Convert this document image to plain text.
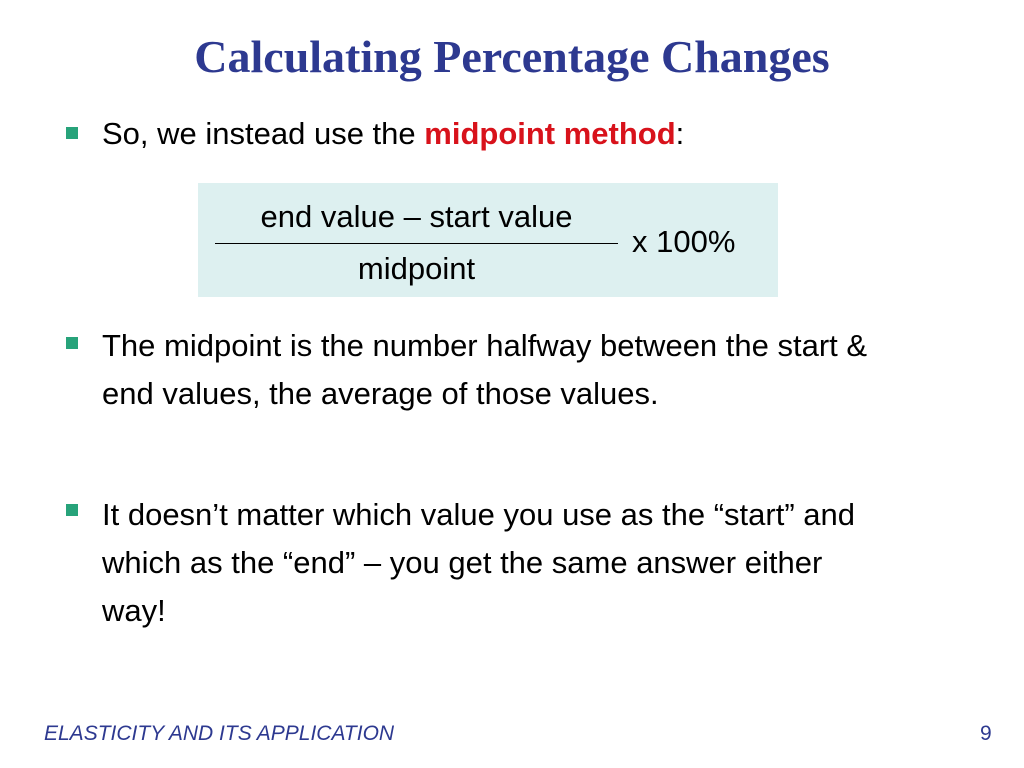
Calculating Percentage Changes

So, we instead use the midpoint method:

end value – start value
midpoint
x 100%

The midpoint is the number halfway between the start & end values, the average of those values.

It doesn’t matter which value you use as the “start” and which as the “end” – you get the same answer either way!

ELASTICITY AND ITS APPLICATION	9
